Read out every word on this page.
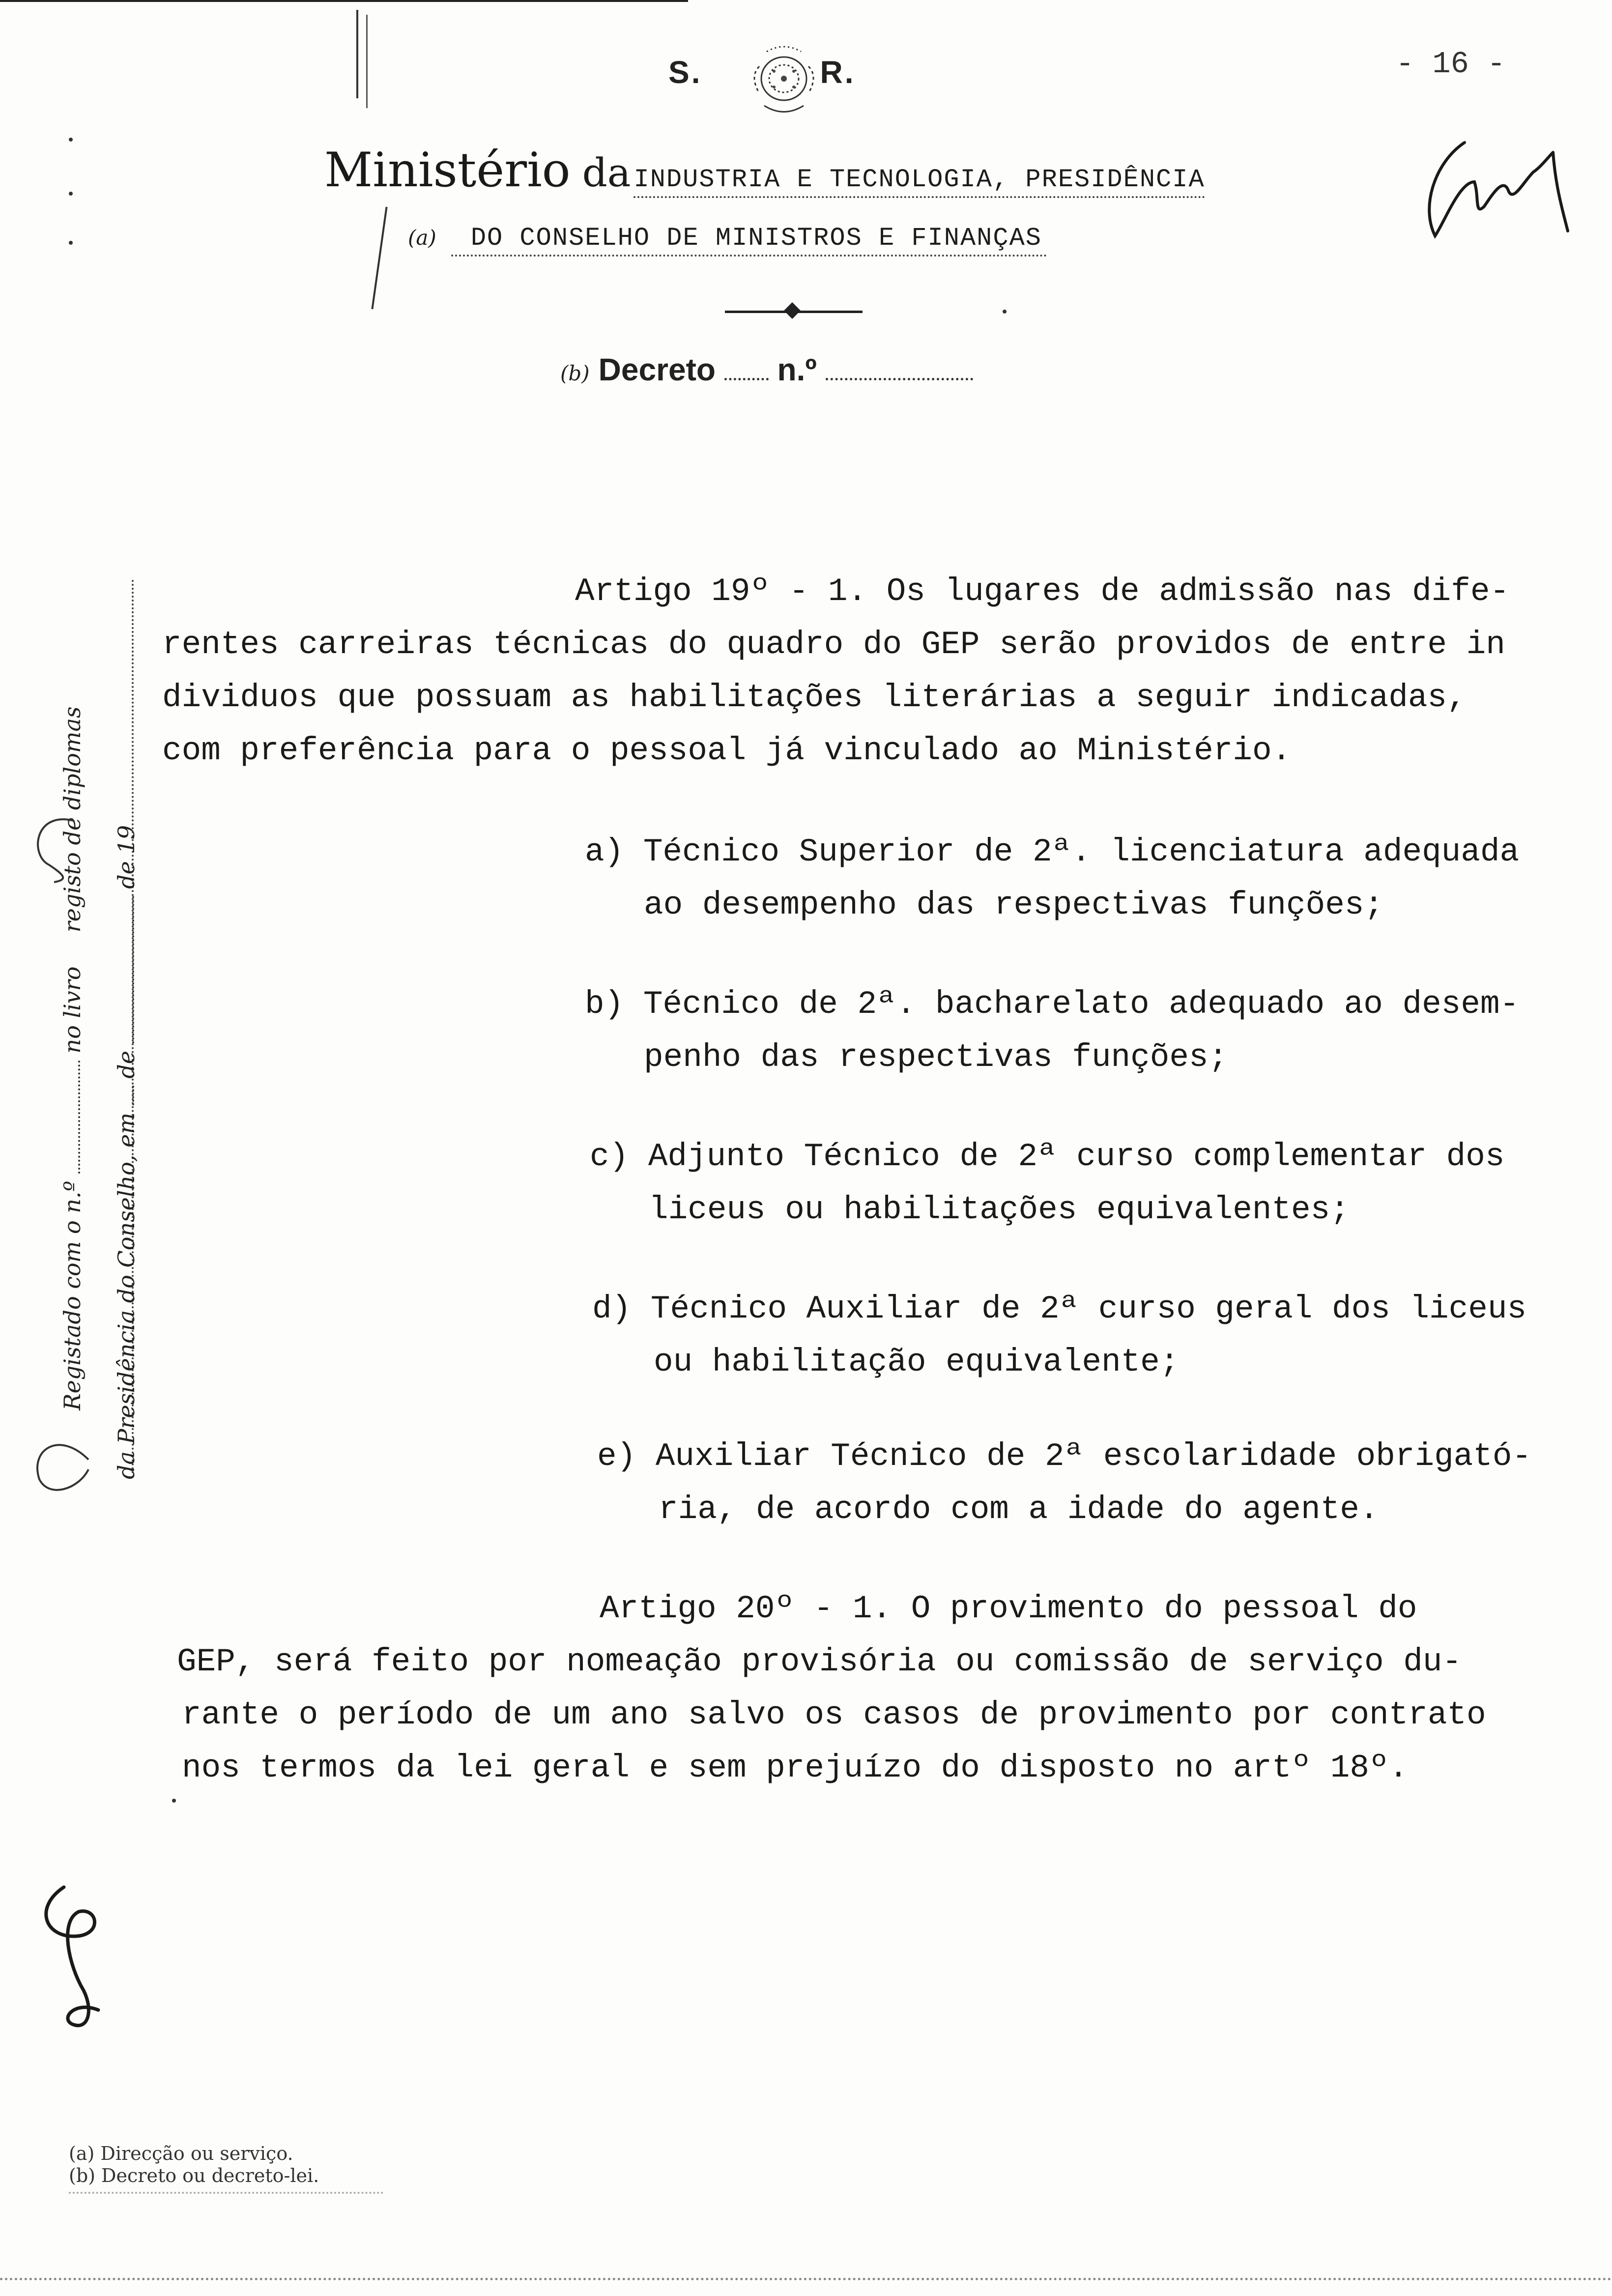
S.	R.	- 16 -
Ministério da INDUSTRIA E TECNOLOGIA, PRESIDÊNCIA
(a) DO CONSELHO DE MINISTROS E FINANÇAS
(b) Decreto n.º
Registado com o n.º  no livro  registo de diplomas
da Presidência do Conselho, em  de  de 19
Artigo 19º - 1. Os lugares de admissão nas dife-
rentes carreiras técnicas do quadro do GEP serão providos de entre in
dividuos que possuam as habilitações literárias a seguir indicadas,
com preferência para o pessoal já vinculado ao Ministério.
a) Técnico Superior de 2ª. licenciatura adequada
ao desempenho das respectivas funções;
b) Técnico de 2ª. bacharelato adequado ao desem-
penho das respectivas funções;
c) Adjunto Técnico de 2ª curso complementar dos
liceus ou habilitações equivalentes;
d) Técnico Auxiliar de 2ª curso geral dos liceus
ou habilitação equivalente;
e) Auxiliar Técnico de 2ª escolaridade obrigató-
ria, de acordo com a idade do agente.
Artigo 20º - 1. O provimento do pessoal do
GEP, será feito por nomeação provisória ou comissão de serviço du-
rante o período de um ano salvo os casos de provimento por contrato
nos termos da lei geral e sem prejuízo do disposto no artº 18º.
(a) Direcção ou serviço.
(b) Decreto ou decreto-lei.
